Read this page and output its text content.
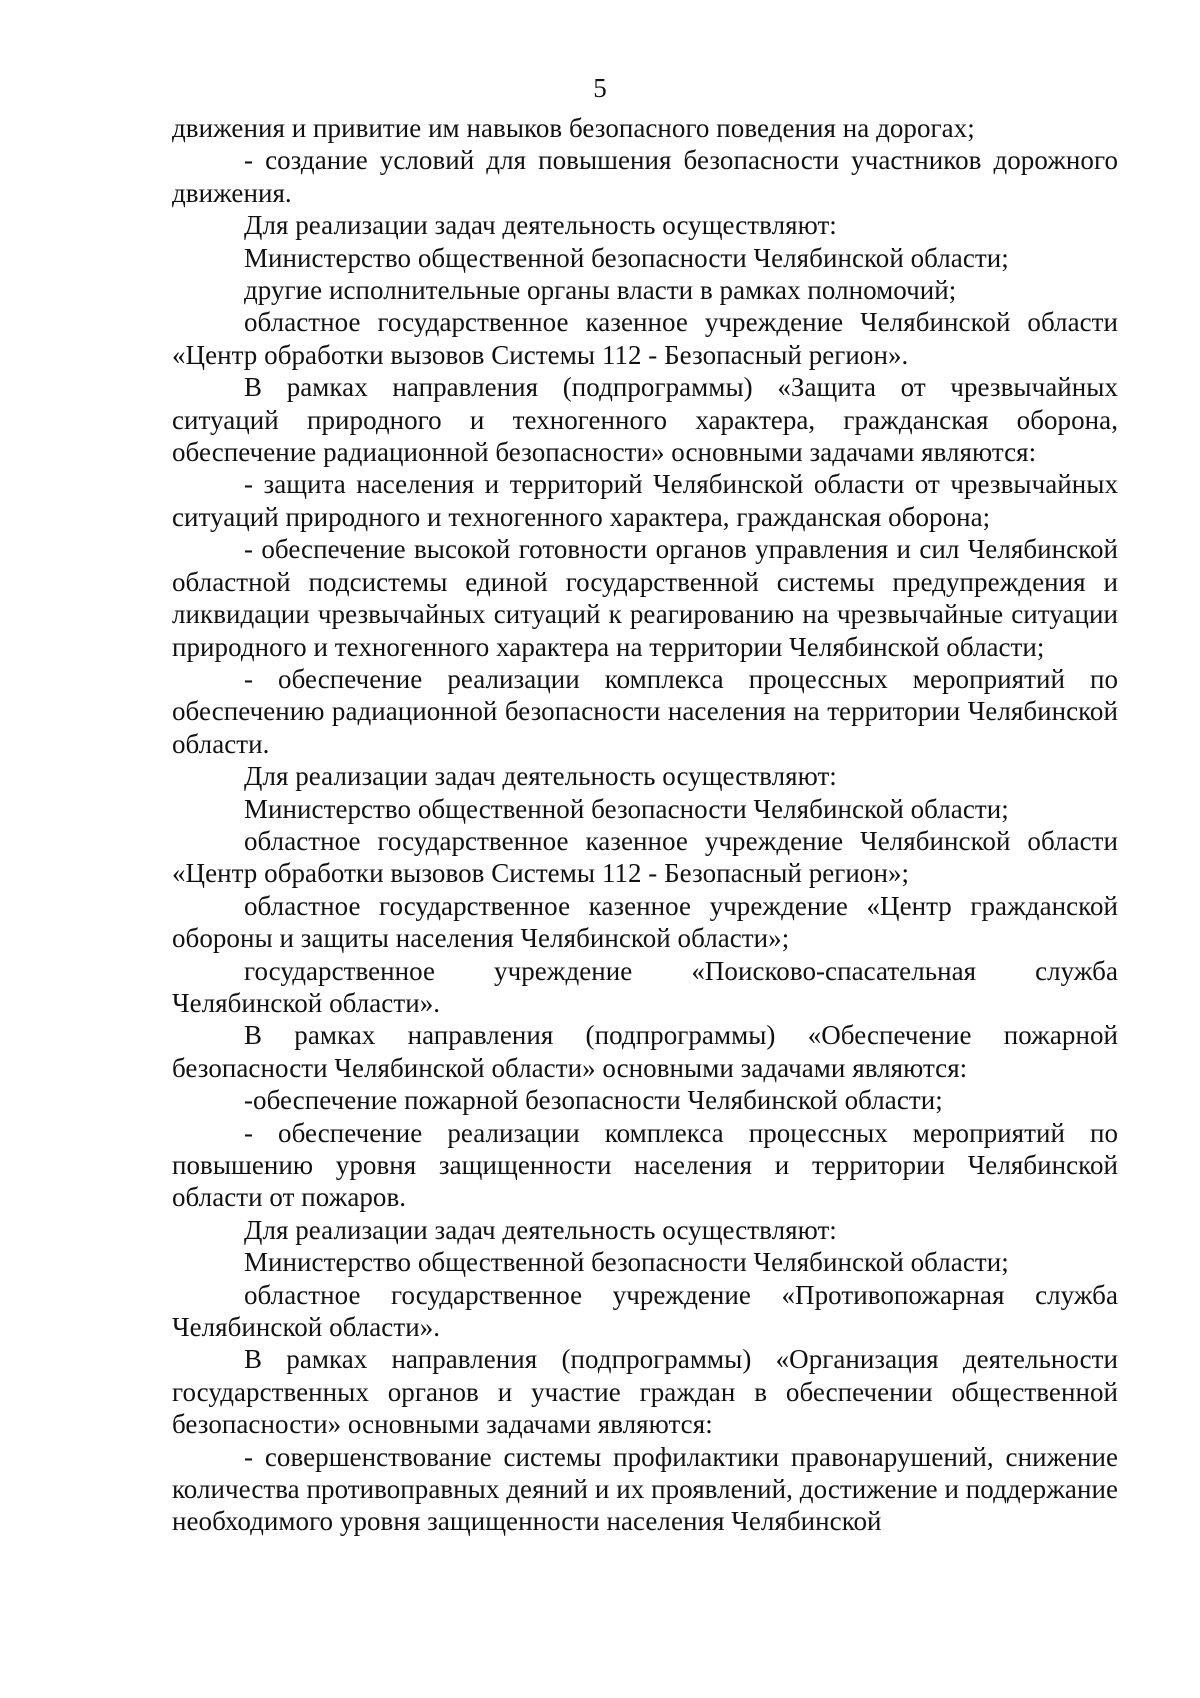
5

движения и привитие им навыков безопасного поведения на дорогах;

- создание условий для повышения безопасности участников дорожного движения.

Для реализации задач деятельность осуществляют:

Министерство общественной безопасности Челябинской области;

другие исполнительные органы власти в рамках полномочий;

областное государственное казенное учреждение Челябинской области «Центр обработки вызовов Системы 112 - Безопасный регион».

В рамках направления (подпрограммы) «Защита от чрезвычайных ситуаций природного и техногенного характера, гражданская оборона, обеспечение радиационной безопасности» основными задачами являются:

- защита населения и территорий Челябинской области от чрезвычайных ситуаций природного и техногенного характера, гражданская оборона;

- обеспечение высокой готовности органов управления и сил Челябинской областной подсистемы единой государственной системы предупреждения и ликвидации чрезвычайных ситуаций к реагированию на чрезвычайные ситуации природного и техногенного характера на территории Челябинской области;

- обеспечение реализации комплекса процессных мероприятий по обеспечению радиационной безопасности населения на территории Челябинской области.

Для реализации задач деятельность осуществляют:

Министерство общественной безопасности Челябинской области;

областное государственное казенное учреждение Челябинской области «Центр обработки вызовов Системы 112 - Безопасный регион»;

областное государственное казенное учреждение «Центр гражданской обороны и защиты населения Челябинской области»;

государственное учреждение «Поисково-спасательная служба Челябинской области».

В рамках направления (подпрограммы) «Обеспечение пожарной безопасности Челябинской области» основными задачами являются:

-обеспечение пожарной безопасности Челябинской области;

- обеспечение реализации комплекса процессных мероприятий по повышению уровня защищенности населения и территории Челябинской области от пожаров.

Для реализации задач деятельность осуществляют:

Министерство общественной безопасности Челябинской области;

областное государственное учреждение «Противопожарная служба Челябинской области».

В рамках направления (подпрограммы) «Организация деятельности государственных органов и участие граждан в обеспечении общественной безопасности» основными задачами являются:

- совершенствование системы профилактики правонарушений, снижение количества противоправных деяний и их проявлений, достижение и поддержание необходимого уровня защищенности населения Челябинской
